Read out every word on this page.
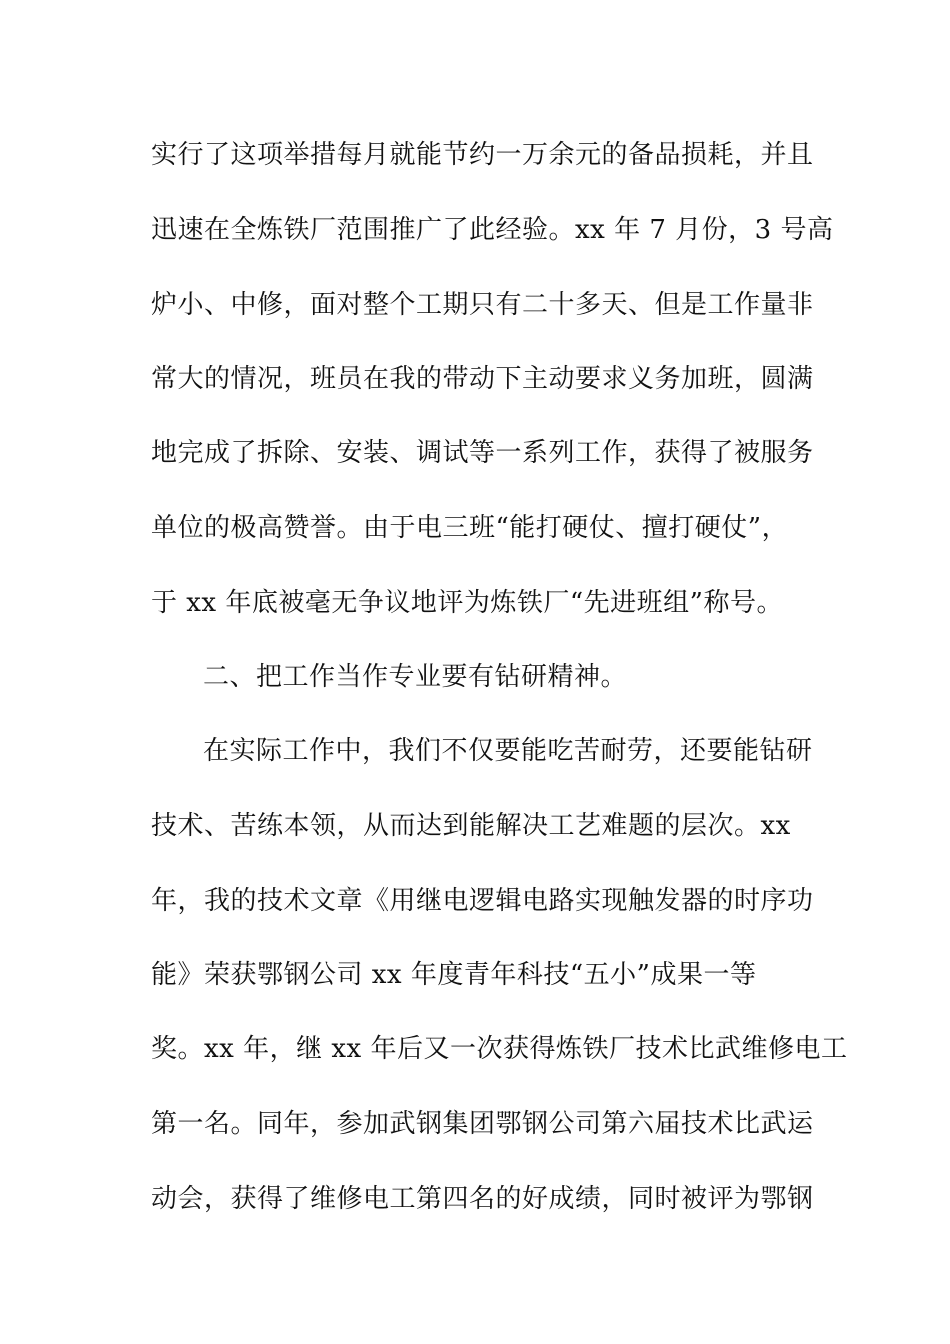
实行了这项举措每月就能节约一万余元的备品损耗，并且
迅速在全炼铁厂范围推广了此经验。xx 年 7 月份，3 号高
炉小、中修，面对整个工期只有二十多天、但是工作量非
常大的情况，班员在我的带动下主动要求义务加班，圆满
地完成了拆除、安装、调试等一系列工作，获得了被服务
单位的极高赞誉。由于电三班“能打硬仗、擅打硬仗”，
于 xx 年底被毫无争议地评为炼铁厂“先进班组”称号。
二、把工作当作专业要有钻研精神。
在实际工作中，我们不仅要能吃苦耐劳，还要能钻研
技术、苦练本领，从而达到能解决工艺难题的层次。xx
年，我的技术文章《用继电逻辑电路实现触发器的时序功
能》荣获鄂钢公司 xx 年度青年科技“五小”成果一等
奖。xx 年，继 xx 年后又一次获得炼铁厂技术比武维修电工
第一名。同年，参加武钢集团鄂钢公司第六届技术比武运
动会，获得了维修电工第四名的好成绩，同时被评为鄂钢
